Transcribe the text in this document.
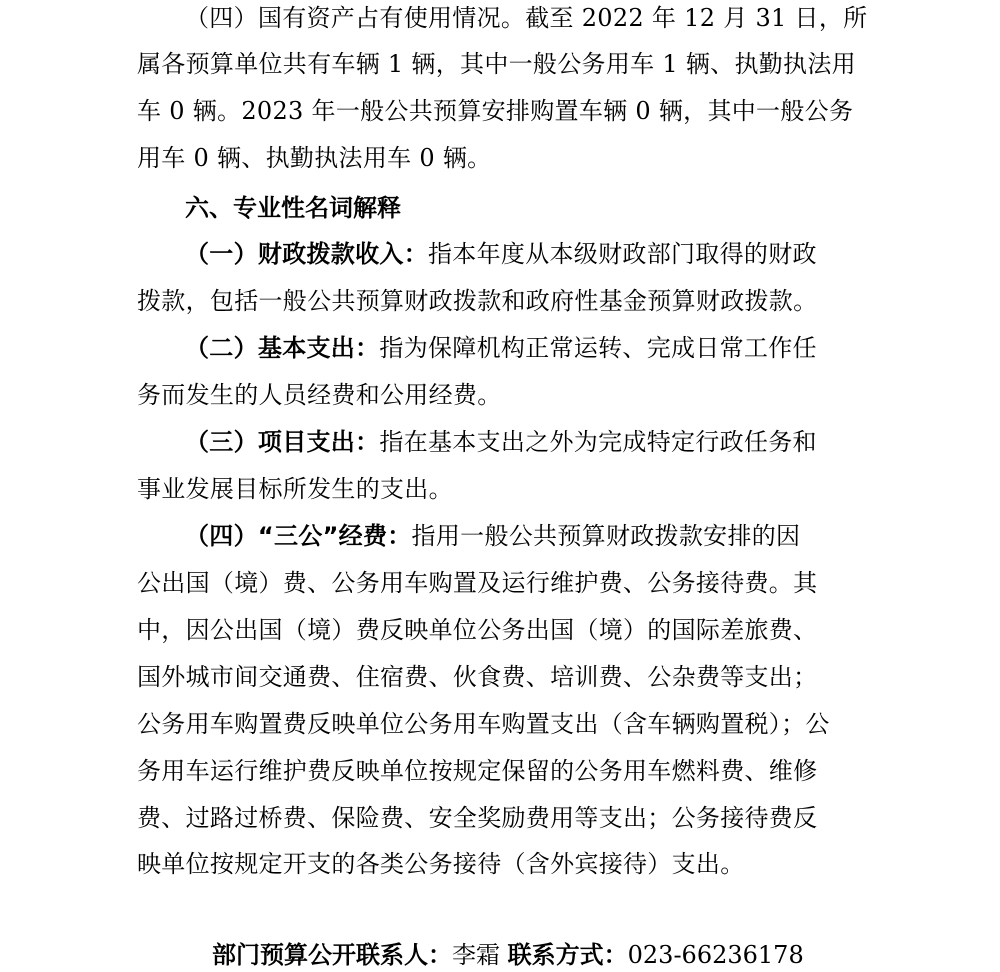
（四）国有资产占有使用情况。截至 2022 年 12 月 31 日，所
属各预算单位共有车辆 1 辆，其中一般公务用车 1 辆、执勤执法用
车 0 辆。2023 年一般公共预算安排购置车辆 0 辆，其中一般公务
用车 0 辆、执勤执法用车 0 辆。
六、专业性名词解释
（一）财政拨款收入：指本年度从本级财政部门取得的财政
拨款，包括一般公共预算财政拨款和政府性基金预算财政拨款。
（二）基本支出：指为保障机构正常运转、完成日常工作任
务而发生的人员经费和公用经费。
（三）项目支出：指在基本支出之外为完成特定行政任务和
事业发展目标所发生的支出。
（四）“三公”经费：指用一般公共预算财政拨款安排的因
公出国（境）费、公务用车购置及运行维护费、公务接待费。其
中，因公出国（境）费反映单位公务出国（境）的国际差旅费、
国外城市间交通费、住宿费、伙食费、培训费、公杂费等支出；
公务用车购置费反映单位公务用车购置支出（含车辆购置税）；公
务用车运行维护费反映单位按规定保留的公务用车燃料费、维修
费、过路过桥费、保险费、安全奖励费用等支出；公务接待费反
映单位按规定开支的各类公务接待（含外宾接待）支出。
部门预算公开联系人：李霜 联系方式：023-66236178
